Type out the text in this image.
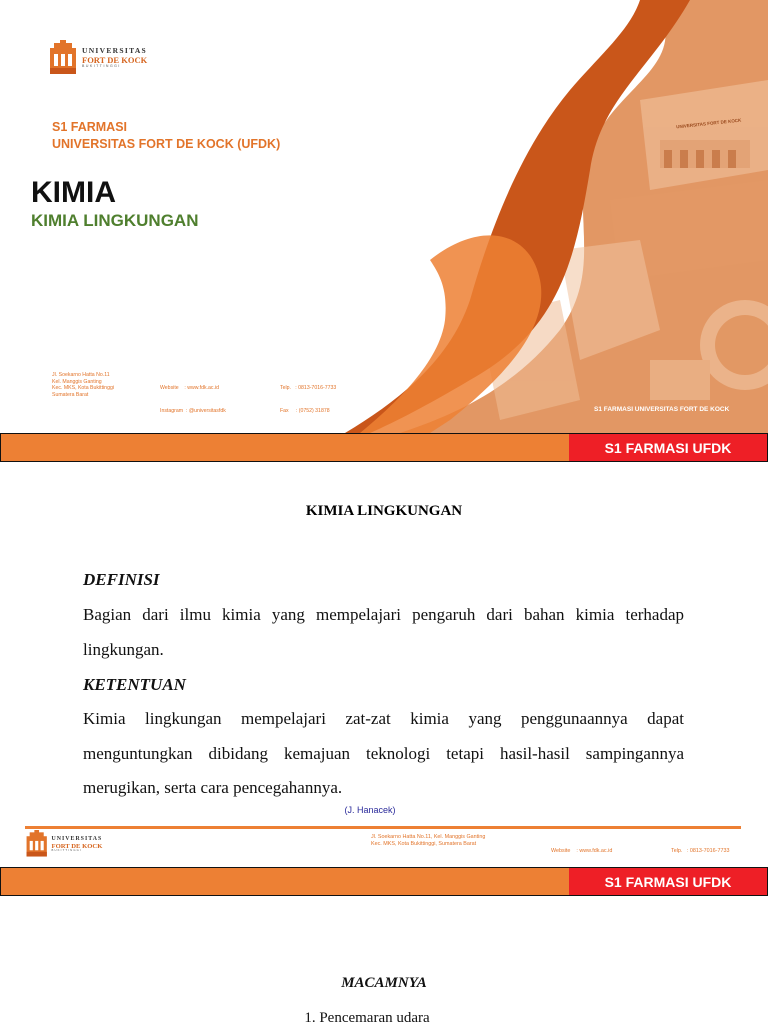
UNIVERSITAS
FORT DE KOCK
BUKITTINGGI
S1 FARMASI
UNIVERSITAS FORT DE KOCK (UFDK)
KIMIA
KIMIA LINGKUNGAN
UNIVERSITAS FORT DE KOCK
Jl. Soekarno Hatta No.11
Kel. Manggis Ganting
Kec. MKS, Kota Bukittinggi
Sumatera Barat

Website    : www.fdk.ac.id

Instagram  : @universitasfdk

Telp.   : 0813-7016-7733

Fax     : (0752) 31878

	S1 FARMASI UNIVERSITAS FORT DE KOCK
S1 FARMASI UFDK
KIMIA LINGKUNGAN
DEFINISI
Bagian dari ilmu kimia yang mempelajari pengaruh dari bahan kimia terhadap lingkungan.
KETENTUAN
Kimia lingkungan mempelajari zat-zat kimia yang penggunaannya dapat menguntungkan dibidang kemajuan teknologi tetapi hasil-hasil sampingannya merugikan, serta cara pencegahannya.
(J. Hanacek)
UNIVERSITAS
FORT DE KOCK
BUKITTINGGI
Jl. Soekarno Hatta No.11, Kel. Manggis Ganting
Kec. MKS, Kota Bukittinggi, Sumatera Barat

Website    : www.fdk.ac.id

	Telp.   : 0813-7016-7733

S1 FARMASI UFDK
MACAMNYA
1. Pencemaran udara
